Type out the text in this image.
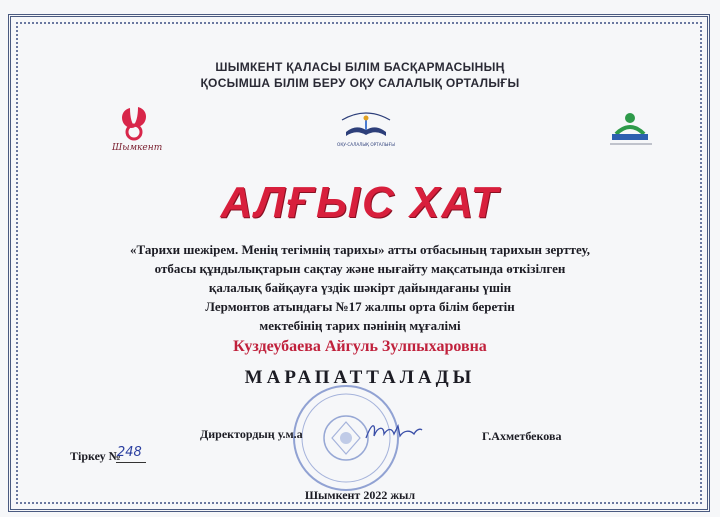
ШЫМКЕНТ ҚАЛАСЫ БІЛІМ БАСҚАРМАСЫНЫҢ
ҚОСЫМША БІЛІМ БЕРУ ОҚУ САЛАЛЫҚ ОРТАЛЫҒЫ
Шымкент	ОҚУ-САЛАЛЫҚ ОРТАЛЫҒЫ
АЛҒЫС ХАТ
«Тарихи шежірем. Менің тегімнің тарихы» атты отбасының тарихын зерттеу,
отбасы құндылықтарын сақтау және нығайту мақсатында өткізілген
қалалық байқауға үздік шәкірт дайындағаны үшін
Лермонтов атындағы №17 жалпы орта білім беретін
мектебінің тарих пәнінің мұғалімі
Куздеубаева Айгуль Зулпыхаровна
МАРАПАТТАЛАДЫ
Директордың у.м.а	Г.Ахметбекова
Тіркеу №
248
Шымкент 2022 жыл
